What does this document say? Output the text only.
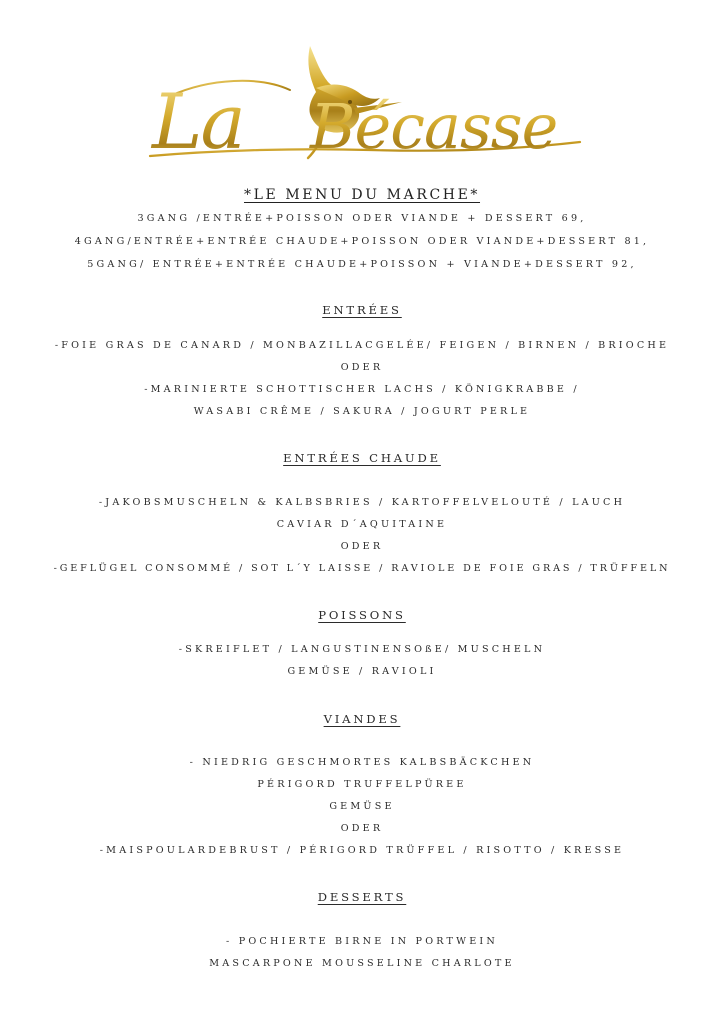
La Bécasse
*LE MENU DU MARCHE*
3GANG /ENTRÉE+POISSON ODER VIANDE + DESSERT 69,
4GANG/ENTRÉE+ENTRÉE CHAUDE+POISSON ODER VIANDE+DESSERT 81,
5GANG/ ENTRÉE+ENTRÉE CHAUDE+POISSON + VIANDE+DESSERT 92,
ENTRÉES
-FOIE GRAS DE CANARD / MONBAZILLACGELÉE/ FEIGEN / BIRNEN / BRIOCHE
ODER
-MARINIERTE SCHOTTISCHER LACHS / KÖNIGKRABBE /
WASABI CRÊME / SAKURA / JOGURT PERLE
ENTRÉES CHAUDE
-JAKOBSMUSCHELN & KALBSBRIES / KARTOFFELVELOUTÉ / LAUCH
CAVIAR D´AQUITAINE
ODER
-GEFLÜGEL CONSOMMÉ / SOT L´Y LAISSE / RAVIOLE DE FOIE GRAS / TRÜFFELN
POISSONS
-SKREIFLET / LANGUSTINENSOßE/ MUSCHELN
GEMÜSE / RAVIOLI
VIANDES
- NIEDRIG GESCHMORTES KALBSBÄCKCHEN
PÉRIGORD TRUFFELPÜREE
GEMÜSE
ODER
-MAISPOULARDEBRUST / PÉRIGORD TRÜFFEL / RISOTTO / KRESSE
DESSERTS
- POCHIERTE BIRNE IN PORTWEIN
MASCARPONE MOUSSELINE CHARLOTE
